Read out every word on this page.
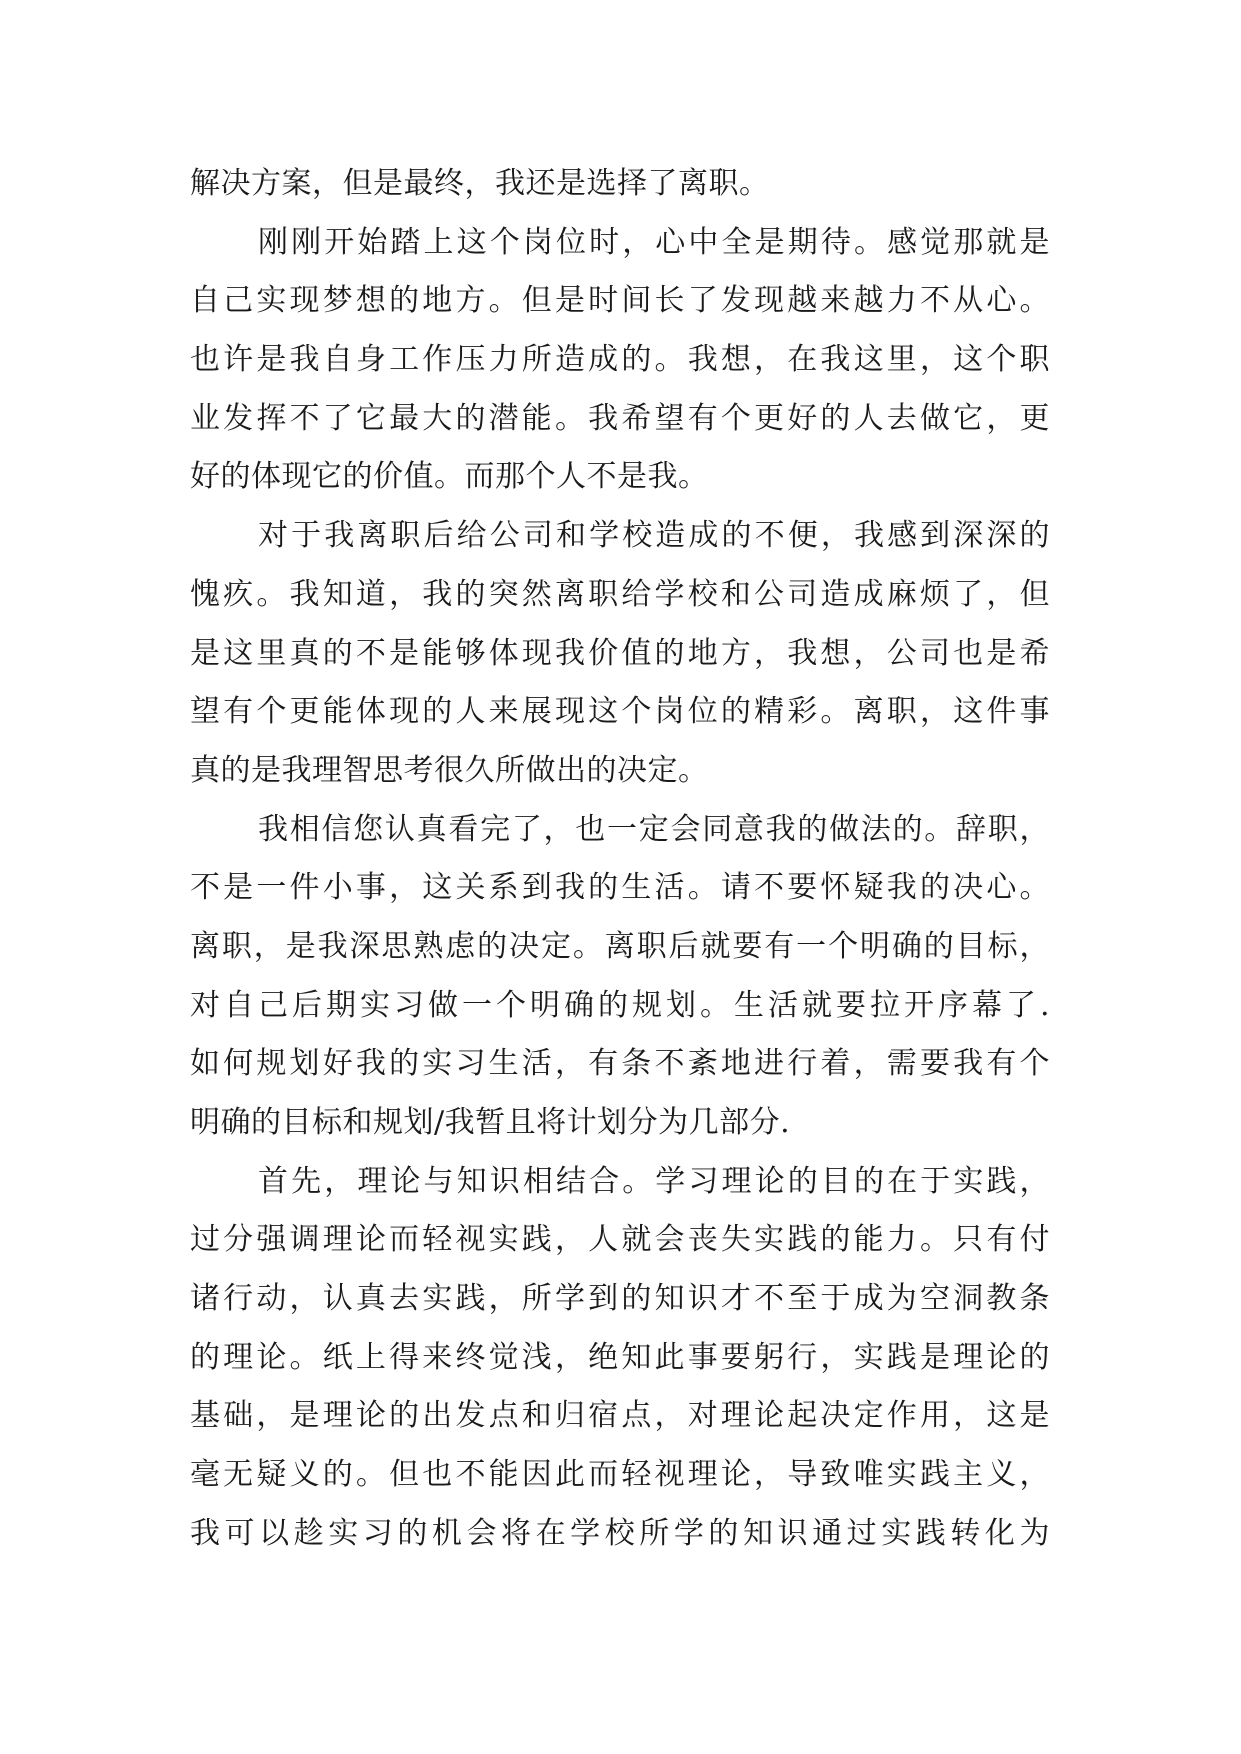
解决方案，但是最终，我还是选择了离职。
刚刚开始踏上这个岗位时，心中全是期待。感觉那就是
自己实现梦想的地方。但是时间长了发现越来越力不从心。
也许是我自身工作压力所造成的。我想，在我这里，这个职
业发挥不了它最大的潜能。我希望有个更好的人去做它，更
好的体现它的价值。而那个人不是我。
对于我离职后给公司和学校造成的不便，我感到深深的
愧疚。我知道，我的突然离职给学校和公司造成麻烦了，但
是这里真的不是能够体现我价值的地方，我想，公司也是希
望有个更能体现的人来展现这个岗位的精彩。离职，这件事
真的是我理智思考很久所做出的决定。
我相信您认真看完了，也一定会同意我的做法的。辞职，
不是一件小事，这关系到我的生活。请不要怀疑我的决心。
离职，是我深思熟虑的决定。离职后就要有一个明确的目标，
对自己后期实习做一个明确的规划。生活就要拉开序幕了.
如何规划好我的实习生活，有条不紊地进行着，需要我有个
明确的目标和规划/我暂且将计划分为几部分.
首先，理论与知识相结合。学习理论的目的在于实践，
过分强调理论而轻视实践，人就会丧失实践的能力。只有付
诸行动，认真去实践，所学到的知识才不至于成为空洞教条
的理论。纸上得来终觉浅，绝知此事要躬行，实践是理论的
基础，是理论的出发点和归宿点，对理论起决定作用，这是
毫无疑义的。但也不能因此而轻视理论，导致唯实践主义，
我可以趁实习的机会将在学校所学的知识通过实践转化为
